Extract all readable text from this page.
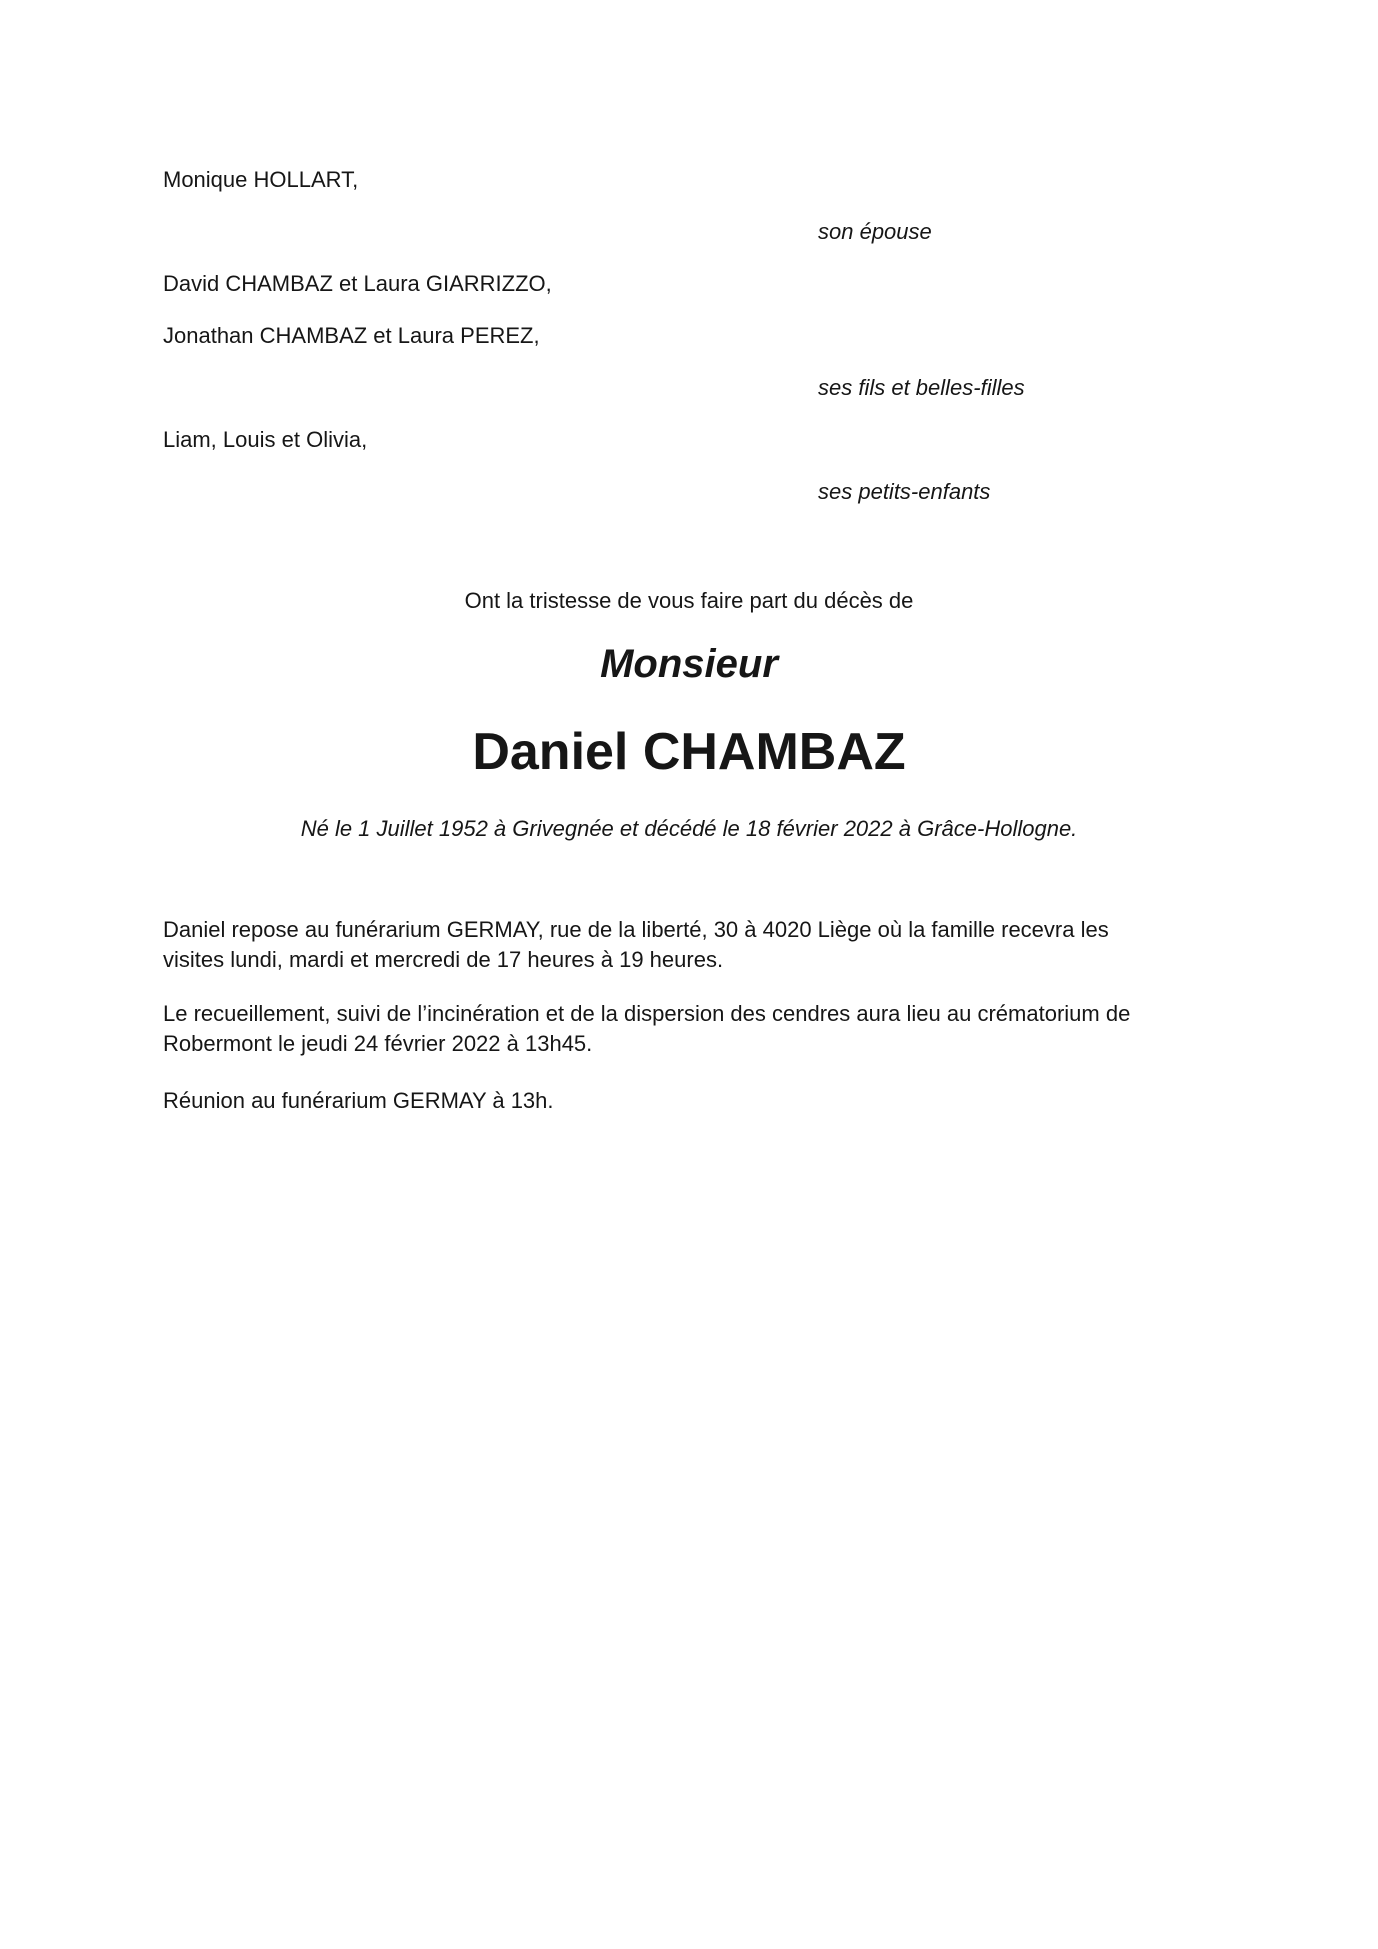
Monique HOLLART,
son épouse
David CHAMBAZ et Laura GIARRIZZO,
Jonathan CHAMBAZ et Laura PEREZ,
ses fils et belles-filles
Liam, Louis et Olivia,
ses petits-enfants
Ont la tristesse de vous faire part du décès de
Monsieur
Daniel CHAMBAZ
Né le 1 Juillet 1952 à Grivegnée et décédé le 18 février 2022 à Grâce-Hollogne.
Daniel repose au funérarium GERMAY, rue de la liberté, 30 à 4020 Liège où la famille recevra les
visites lundi, mardi et mercredi de 17 heures à 19 heures.
Le recueillement, suivi de l’incinération et de la dispersion des cendres aura lieu au crématorium de
Robermont le jeudi 24 février 2022 à 13h45.
Réunion au funérarium GERMAY à 13h.
